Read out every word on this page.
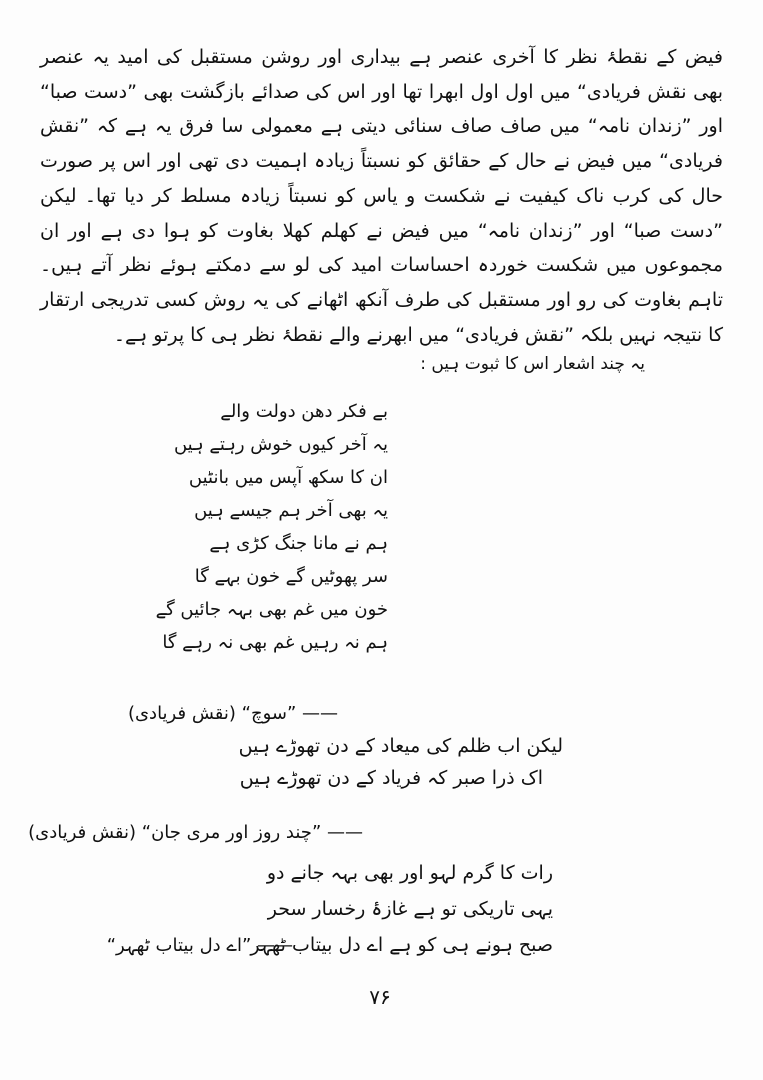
فیض کے نقطۂ نظر کا آخری عنصر ہے بیداری اور روشن مستقبل کی امید یہ عنصر بھی نقش فریادی“ میں اول اول ابھرا تھا اور اس کی صدائے بازگشت بھی ”دست صبا“ اور ”زندان نامہ“ میں صاف صاف سنائی دیتی ہے معمولی سا فرق یہ ہے کہ ”نقش فریادی“ میں فیض نے حال کے حقائق کو نسبتاً زیادہ اہمیت دی تھی اور اس پر صورت حال کی کرب ناک کیفیت نے شکست و یاس کو نسبتاً زیادہ مسلط کر دیا تھا۔ لیکن ”دست صبا“ اور ”زندان نامہ“ میں فیض نے کھلم کھلا بغاوت کو ہوا دی ہے اور ان مجموعوں میں شکست خوردہ احساسات امید کی لو سے دمکتے ہوئے نظر آتے ہیں۔ تاہم بغاوت کی رو اور مستقبل کی طرف آنکھ اٹھانے کی یہ روش کسی تدریجی ارتقار کا نتیجہ نہیں بلکہ ”نقش فریادی“ میں ابھرنے والے نقطۂ نظر ہی کا پرتو ہے۔

یہ چند اشعار اس کا ثبوت ہیں :
بے فکر دھن دولت والے
یہ آخر کیوں خوش رہتے ہیں
ان کا سکھ آپس میں بانٹیں
یہ بھی آخر ہم جیسے ہیں
ہم نے مانا جنگ کڑی ہے
سر پھوٹیں گے خون بہے گا
خون میں غم بھی بہہ جائیں گے
ہم نہ رہیں غم بھی نہ رہے گا
—— ”سوچ“ (نقش فریادی)
لیکن اب ظلم کی میعاد کے دن تھوڑے ہیں
اک ذرا صبر کہ فریاد کے دن تھوڑے ہیں
—— ”چند روز اور مری جان“ (نقش فریادی)
رات کا گرم لہو اور بھی بہہ جانے دو
یہی تاریکی تو ہے غازۂ رخسار سحر
صبح ہونے ہی کو ہے اے دل بیتاب ٹھہر
—— ”اے دل بیتاب ٹھہر“
۷۶
